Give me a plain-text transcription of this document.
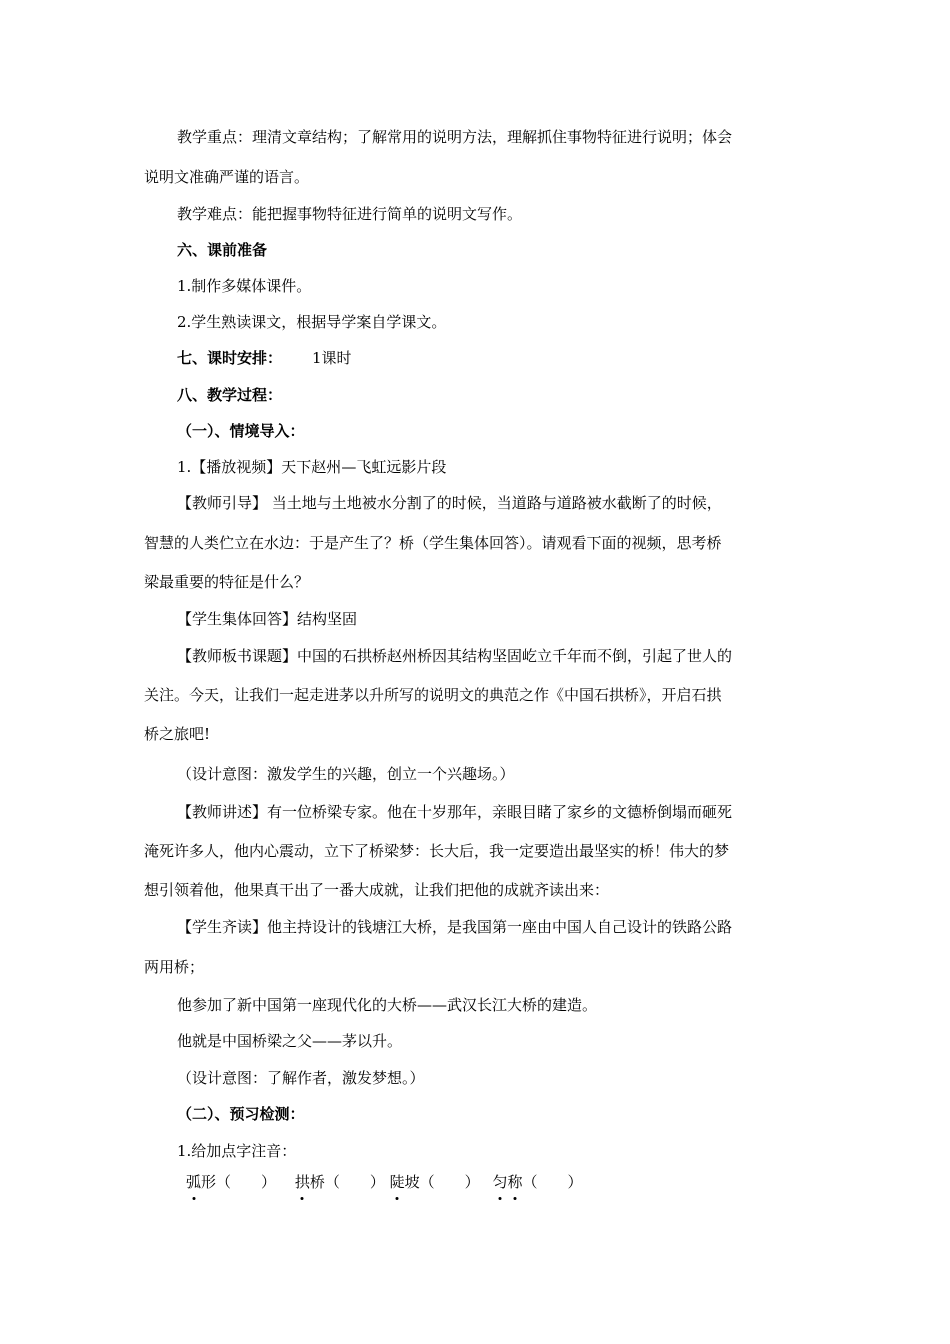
教学重点：理清文章结构；了解常用的说明方法，理解抓住事物特征进行说明；体会
说明文准确严谨的语言。
教学难点：能把握事物特征进行简单的说明文写作。
六、课前准备
1.制作多媒体课件。
2.学生熟读课文，根据导学案自学课文。
七、课时安排： 1课时
八、教学过程：
（一）、情境导入：
1.【播放视频】天下赵州—飞虹远影片段
【教师引导】 当土地与土地被水分割了的时候，当道路与道路被水截断了的时候，
智慧的人类伫立在水边：于是产生了？桥（学生集体回答）。请观看下面的视频，思考桥
梁最重要的特征是什么？
【学生集体回答】结构坚固
【教师板书课题】中国的石拱桥赵州桥因其结构坚固屹立千年而不倒，引起了世人的
关注。今天，让我们一起走进茅以升所写的说明文的典范之作《中国石拱桥》，开启石拱
桥之旅吧!
（设计意图：激发学生的兴趣，创立一个兴趣场。）
【教师讲述】有一位桥梁专家。他在十岁那年，亲眼目睹了家乡的文德桥倒塌而砸死
淹死许多人，他内心震动，立下了桥梁梦：长大后，我一定要造出最坚实的桥！伟大的梦
想引领着他，他果真干出了一番大成就，让我们把他的成就齐读出来：
【学生齐读】他主持设计的钱塘江大桥，是我国第一座由中国人自己设计的铁路公路
两用桥；
他参加了新中国第一座现代化的大桥——武汉长江大桥的建造。
他就是中国桥梁之父——茅以升。
（设计意图：了解作者，激发梦想。）
（二）、预习检测：
1.给加点字注音：
弧形（　　） 拱桥（　　） 陡坡（　　） 匀称（　　）
